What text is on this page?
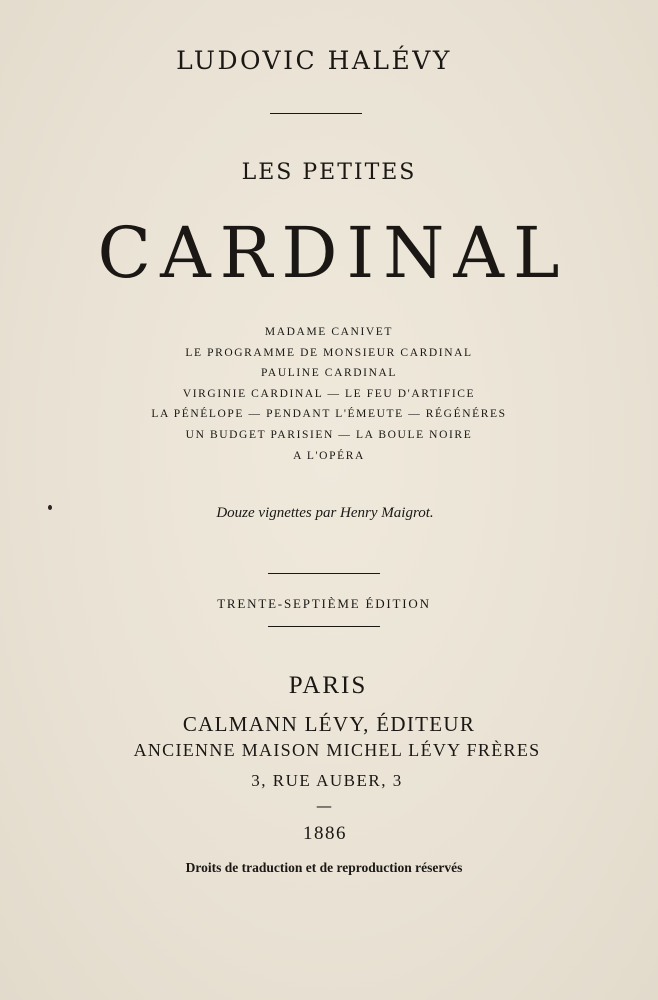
LUDOVIC HALÉVY
LES PETITES
CARDINAL
MADAME CANIVET
LE PROGRAMME DE MONSIEUR CARDINAL
PAULINE CARDINAL
VIRGINIE CARDINAL — LE FEU D'ARTIFICE
LA PÉNÉLOPE — PENDANT L'ÉMEUTE — RÉGÉNÉRES
UN BUDGET PARISIEN — LA BOULE NOIRE
A L'OPÉRA
Douze vignettes par Henry Maigrot.
TRENTE-SEPTIÈME ÉDITION
PARIS
CALMANN LÉVY, ÉDITEUR
ANCIENNE MAISON MICHEL LÉVY FRÈRES
3, RUE AUBER, 3
—
1886
Droits de traduction et de reproduction réservés
